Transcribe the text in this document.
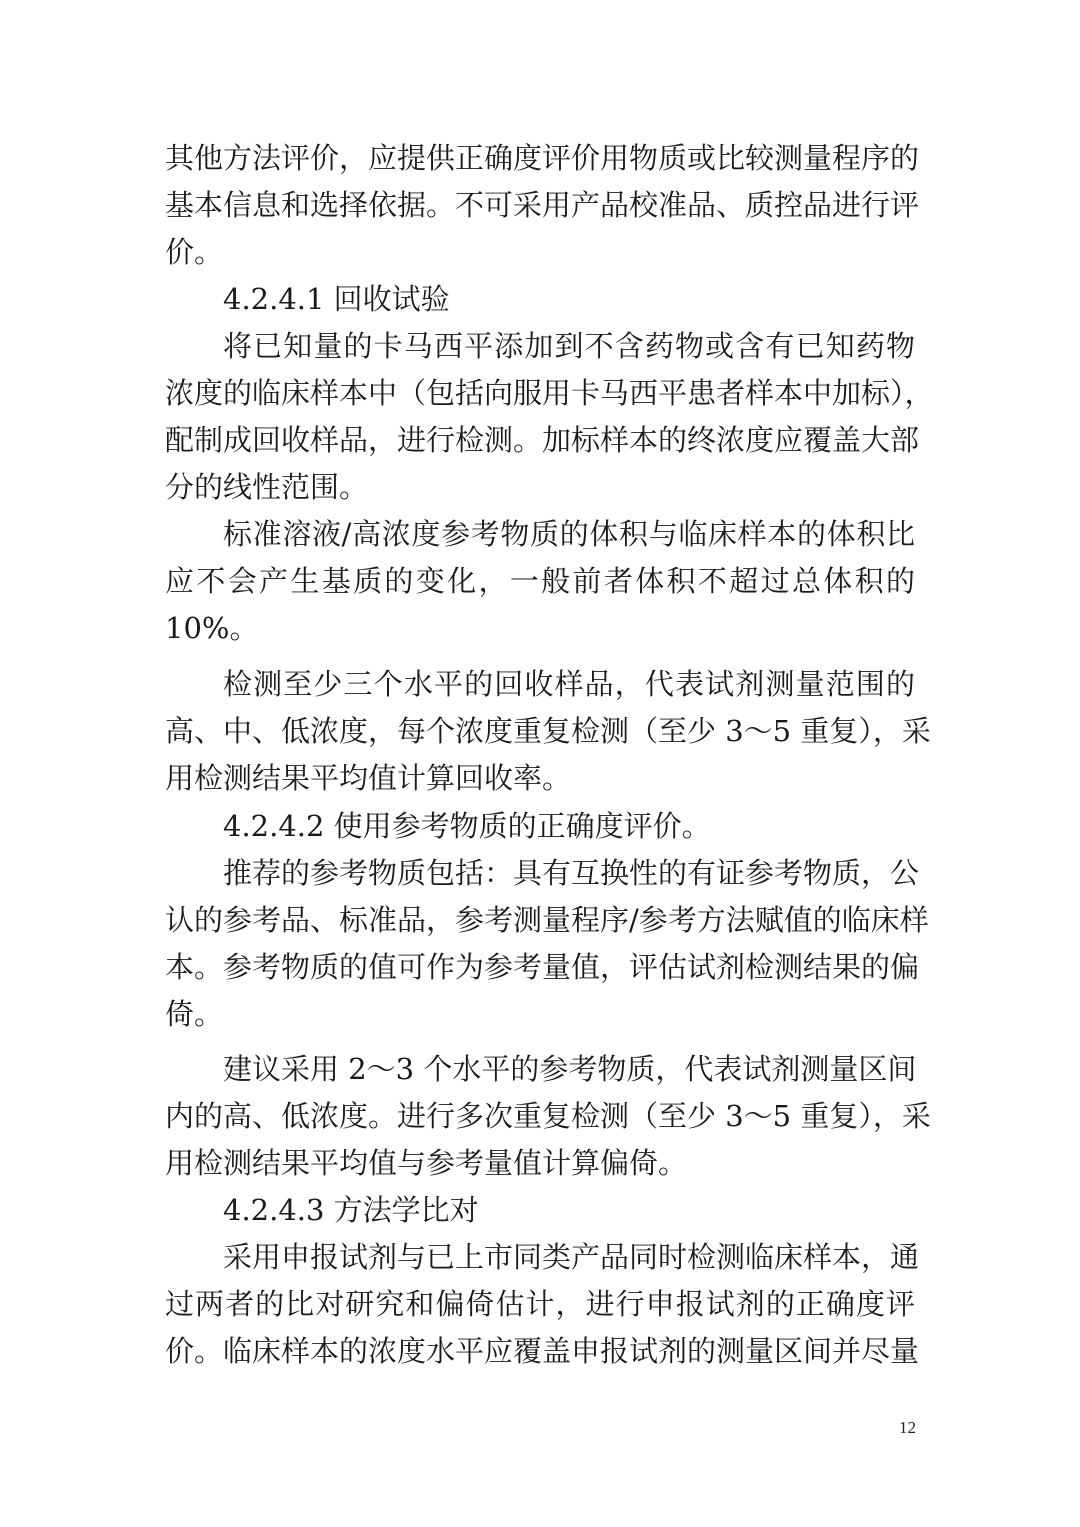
其他方法评价，应提供正确度评价用物质或比较测量程序的
基本信息和选择依据。不可采用产品校准品、质控品进行评
价。
4.2.4.1 回收试验
将已知量的卡马西平添加到不含药物或含有已知药物
浓度的临床样本中（包括向服用卡马西平患者样本中加标），
配制成回收样品，进行检测。加标样本的终浓度应覆盖大部
分的线性范围。
标准溶液/高浓度参考物质的体积与临床样本的体积比
应不会产生基质的变化，一般前者体积不超过总体积的
10%。
检测至少三个水平的回收样品，代表试剂测量范围的
高、中、低浓度，每个浓度重复检测（至少 3～5 重复），采
用检测结果平均值计算回收率。
4.2.4.2 使用参考物质的正确度评价。
推荐的参考物质包括：具有互换性的有证参考物质，公
认的参考品、标准品，参考测量程序/参考方法赋值的临床样
本。参考物质的值可作为参考量值，评估试剂检测结果的偏
倚。
建议采用 2～3 个水平的参考物质，代表试剂测量区间
内的高、低浓度。进行多次重复检测（至少 3～5 重复），采
用检测结果平均值与参考量值计算偏倚。
4.2.4.3 方法学比对
采用申报试剂与已上市同类产品同时检测临床样本，通
过两者的比对研究和偏倚估计，进行申报试剂的正确度评
价。临床样本的浓度水平应覆盖申报试剂的测量区间并尽量
12
